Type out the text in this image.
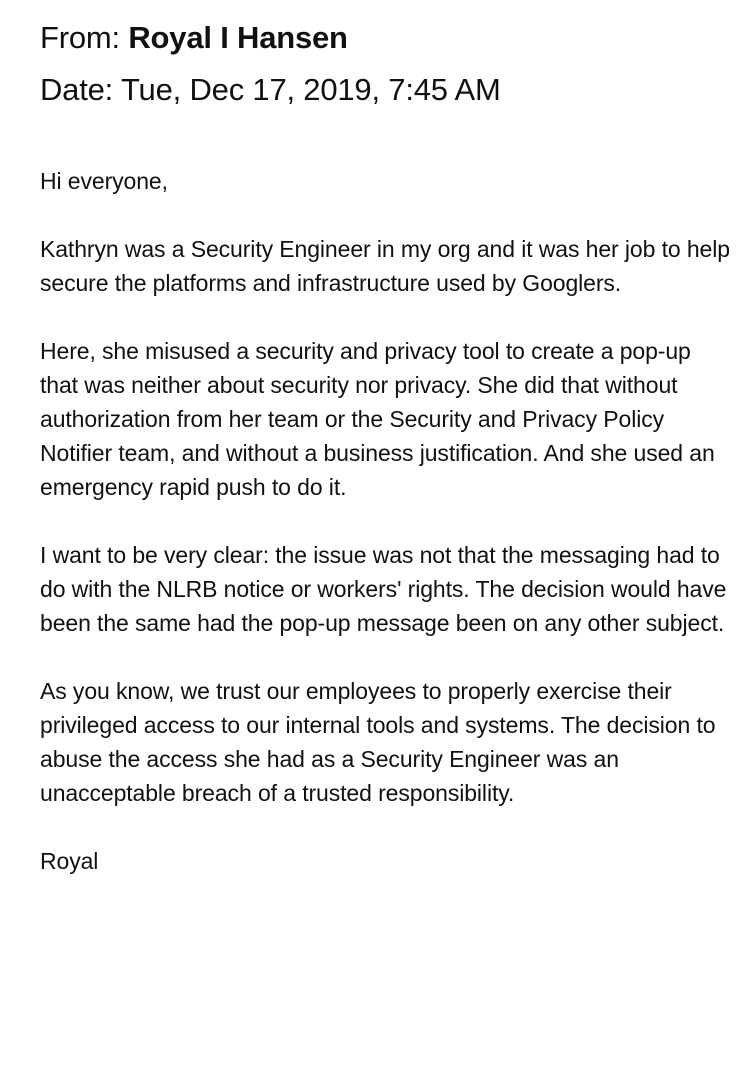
From: Royal I Hansen
Date: Tue, Dec 17, 2019, 7:45 AM

Hi everyone,

Kathryn was a Security Engineer in my org and it was her job to help secure the platforms and infrastructure used by Googlers.

Here, she misused a security and privacy tool to create a pop-up that was neither about security nor privacy. She did that without authorization from her team or the Security and Privacy Policy Notifier team, and without a business justification. And she used an emergency rapid push to do it.

I want to be very clear: the issue was not that the messaging had to do with the NLRB notice or workers' rights. The decision would have been the same had the pop-up message been on any other subject.

As you know, we trust our employees to properly exercise their privileged access to our internal tools and systems. The decision to abuse the access she had as a Security Engineer was an unacceptable breach of a trusted responsibility.

Royal
